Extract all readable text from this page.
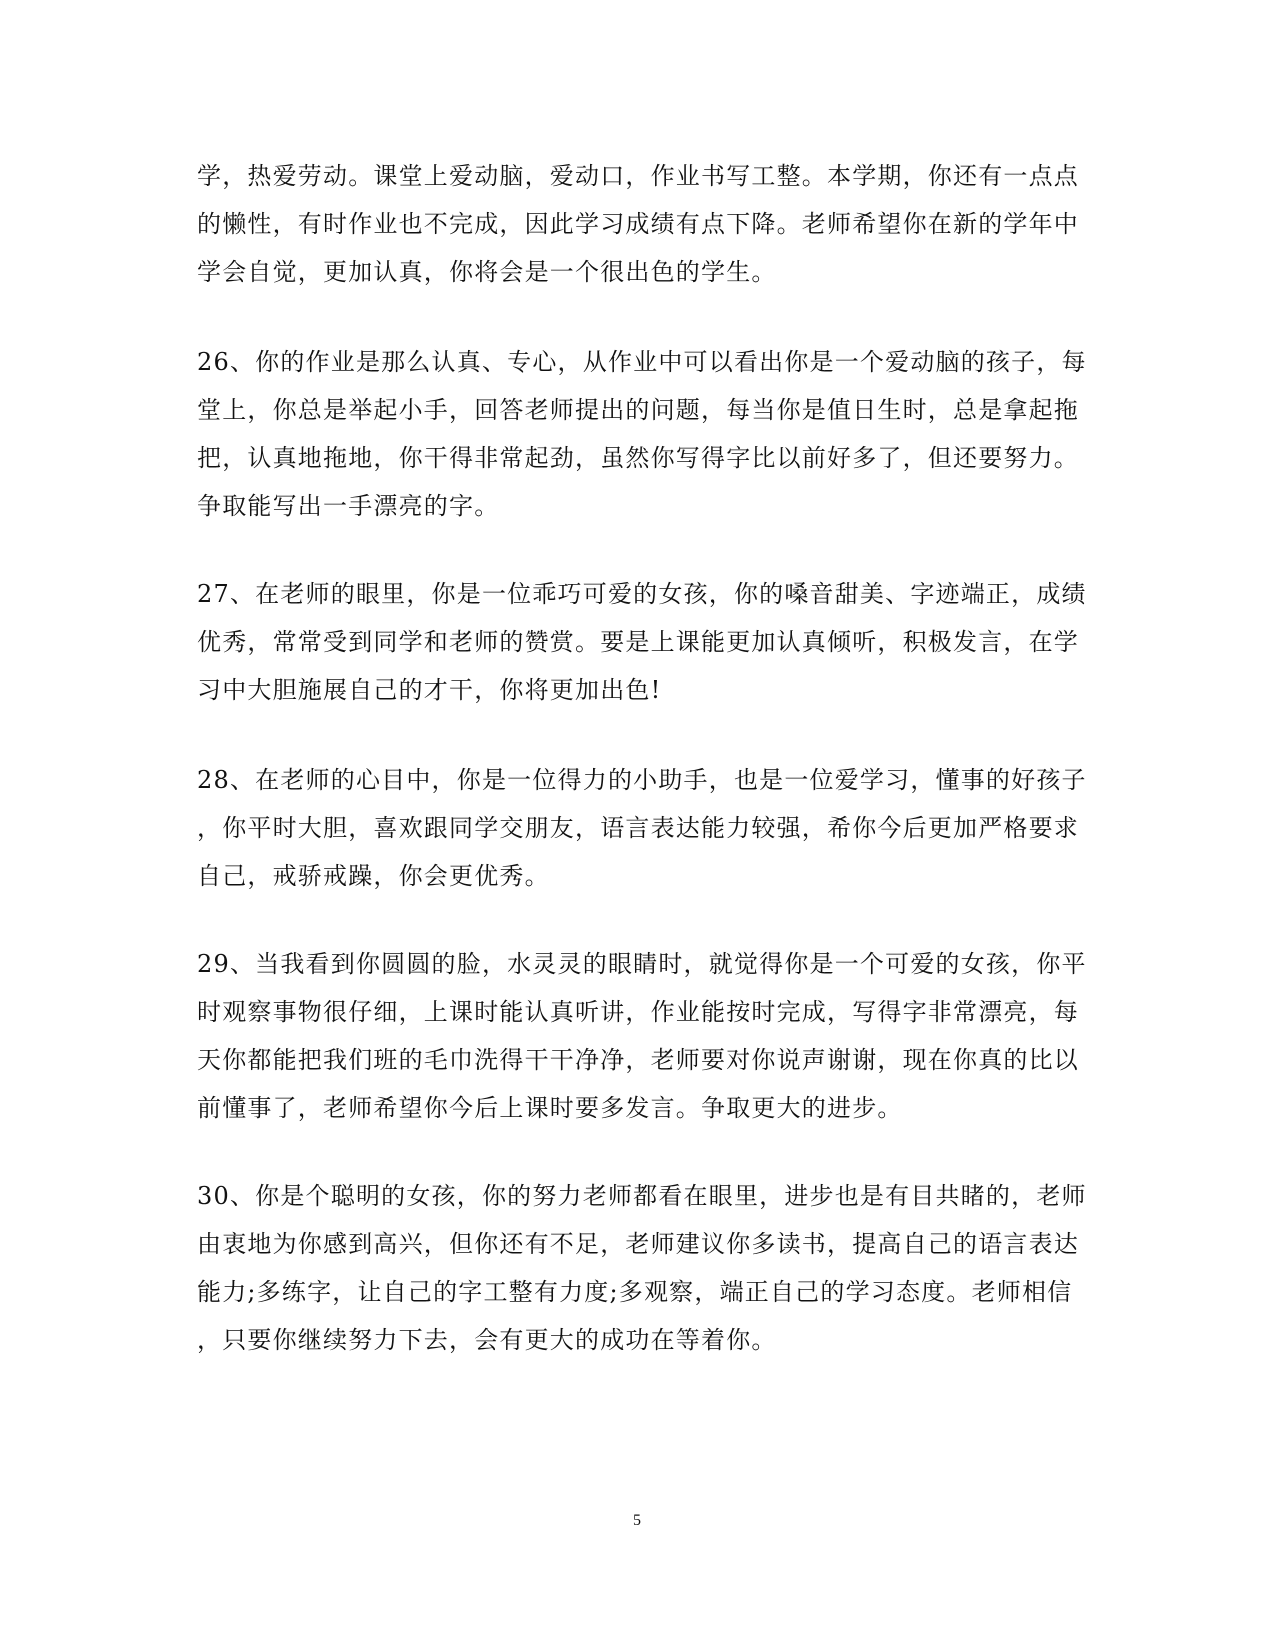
学，热爱劳动。课堂上爱动脑，爱动口，作业书写工整。本学期，你还有一点点
的懒性，有时作业也不完成，因此学习成绩有点下降。老师希望你在新的学年中
学会自觉，更加认真，你将会是一个很出色的学生。
26、你的作业是那么认真、专心，从作业中可以看出你是一个爱动脑的孩子，每
堂上，你总是举起小手，回答老师提出的问题，每当你是值日生时，总是拿起拖
把，认真地拖地，你干得非常起劲，虽然你写得字比以前好多了，但还要努力。
争取能写出一手漂亮的字。
27、在老师的眼里，你是一位乖巧可爱的女孩，你的嗓音甜美、字迹端正，成绩
优秀，常常受到同学和老师的赞赏。要是上课能更加认真倾听，积极发言，在学
习中大胆施展自己的才干，你将更加出色!
28、在老师的心目中，你是一位得力的小助手，也是一位爱学习，懂事的好孩子
，你平时大胆，喜欢跟同学交朋友，语言表达能力较强，希你今后更加严格要求
自己，戒骄戒躁，你会更优秀。
29、当我看到你圆圆的脸，水灵灵的眼睛时，就觉得你是一个可爱的女孩，你平
时观察事物很仔细，上课时能认真听讲，作业能按时完成，写得字非常漂亮，每
天你都能把我们班的毛巾洗得干干净净，老师要对你说声谢谢，现在你真的比以
前懂事了，老师希望你今后上课时要多发言。争取更大的进步。
30、你是个聪明的女孩，你的努力老师都看在眼里，进步也是有目共睹的，老师
由衷地为你感到高兴，但你还有不足，老师建议你多读书，提高自己的语言表达
能力;多练字，让自己的字工整有力度;多观察，端正自己的学习态度。老师相信
，只要你继续努力下去，会有更大的成功在等着你。
5
